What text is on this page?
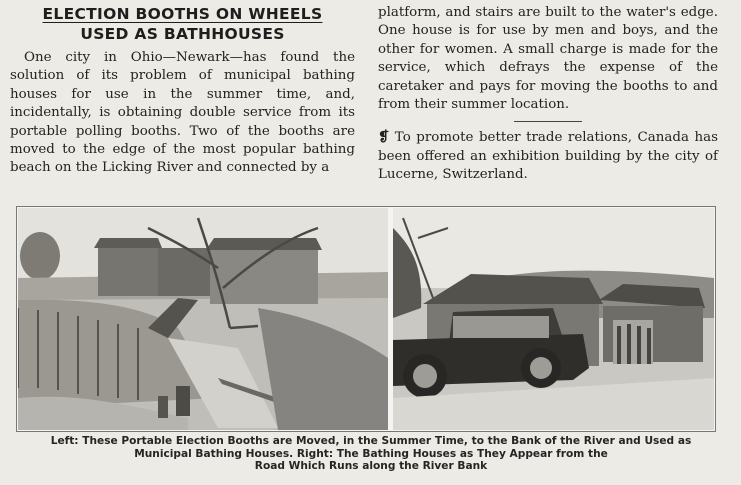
ELECTION BOOTHS ON WHEELS
USED AS BATHHOUSES

One city in Ohio—Newark—has found the solution of its problem of municipal bathing houses for use in the summer time, and, incidentally, is obtaining double service from its portable polling booths. Two of the booths are moved to the edge of the most popular bathing beach on the Licking River and connected by a

platform, and stairs are built to the water's edge. One house is for use by men and boys, and the other for women. A small charge is made for the service, which defrays the expense of the caretaker and pays for moving the booths to and from their summer location.

❡ To promote better trade relations, Canada has been offered an exhibition building by the city of Lucerne, Switzerland.

Left: These Portable Election Booths are Moved, in the Summer Time, to the Bank of the River and Used as
Municipal Bathing Houses. Right: The Bathing Houses as They Appear from the
Road Which Runs along the River Bank
